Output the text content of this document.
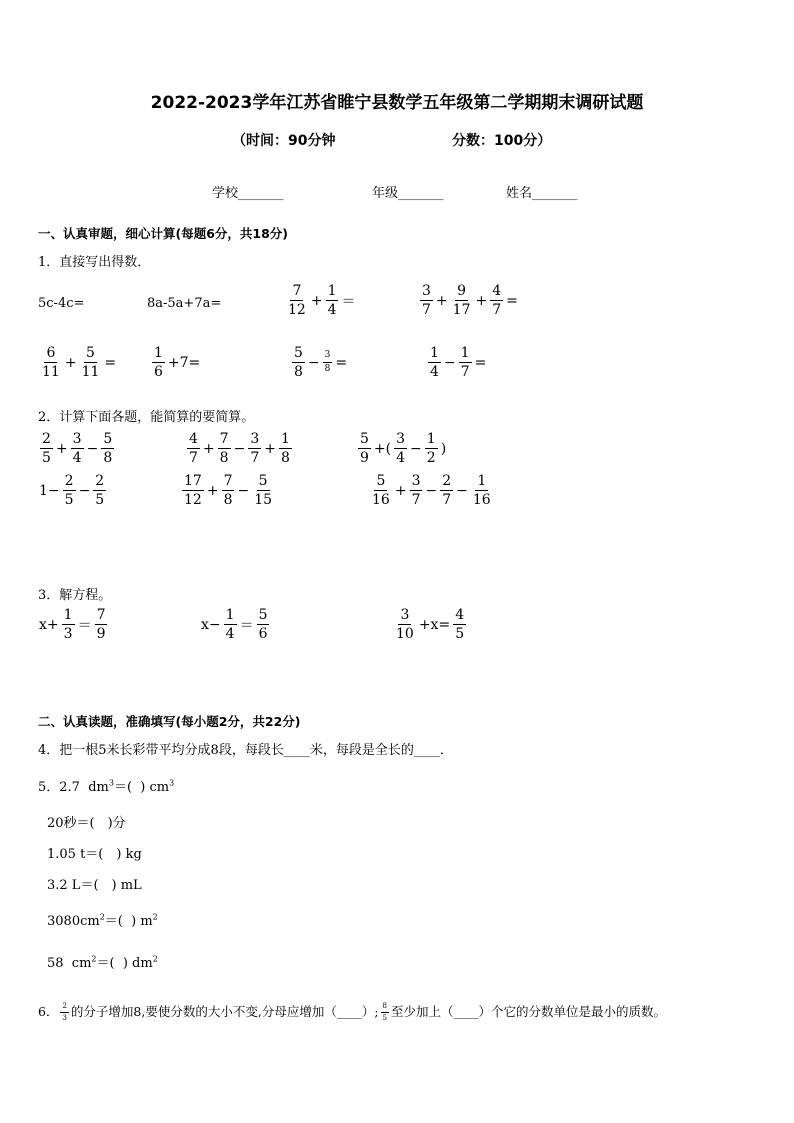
2022-2023学年江苏省睢宁县数学五年级第二学期期末调研试题
（时间：90分钟	分数：100分）
学校_______	年级_______	姓名_______
一、认真审题，细心计算(每题6分，共18分)
1．直接写出得数．
5c-4c=	8a-5a+7a=	$\frac{7}{12} + \frac{1}{4}$ ＝	$\frac{3}{7} + \frac{9}{17} + \frac{4}{7}$ =
$\frac{6}{11} + \frac{5}{11}$ =	$\frac{1}{6} +7=$	$\frac{5}{8} - \frac{3}{8}$ =	$\frac{1}{4} - \frac{1}{7}$ =
2．计算下面各题，能简算的要简算。
$\frac{2}{5} + \frac{3}{4} - \frac{5}{8}$	$\frac{4}{7} + \frac{7}{8} - \frac{3}{7} + \frac{1}{8}$	$\frac{5}{9}$ +( $\frac{3}{4} - \frac{1}{2}$ )
$1- \frac{2}{5} - \frac{2}{5}$	$\frac{17}{12} + \frac{7}{8} - \frac{5}{15}$	$\frac{5}{16} + \frac{3}{7} - \frac{2}{7} - \frac{1}{16}$
3．解方程。
$x+ \frac{1}{3} = \frac{7}{9}$	$x- \frac{1}{4} = \frac{5}{6}$	$\frac{3}{10} +x= \frac{4}{5}$
二、认真读题，准确填写(每小题2分，共22分)
4．把一根5米长彩带平均分成8段，每段长____米，每段是全长的____．
5．2.7  $dm^3=$(  ) $cm^3$
20秒＝(　)分
1.05 t＝(　) kg
3.2 L＝(　) mL
$3080cm^2=$(  ) $m^2$
58  $cm^2=$(  ) $dm^2$
6． $\frac{2}{3}$ 的分子增加8,要使分数的大小不变,分母应增加（____）; $\frac{8}{5}$ 至少加上（____）个它的分数单位是最小的质数。
